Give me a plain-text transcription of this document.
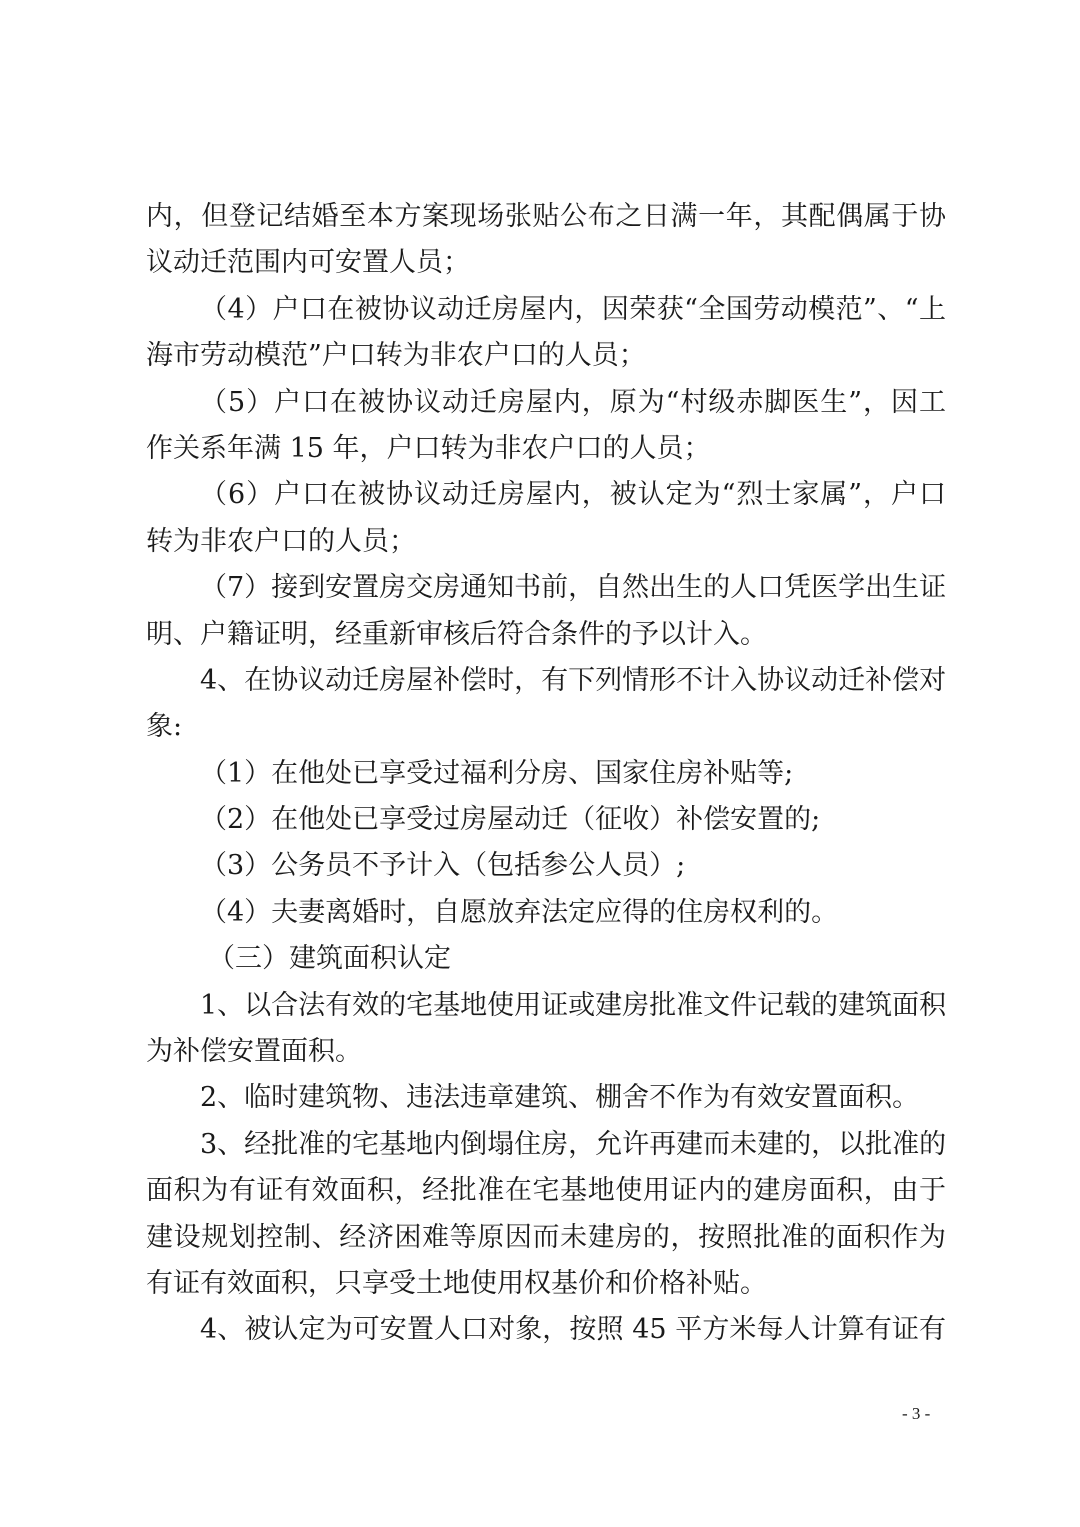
内，但登记结婚至本方案现场张贴公布之日满一年，其配偶属于协
议动迁范围内可安置人员；
（4）户口在被协议动迁房屋内，因荣获“全国劳动模范”、“上
海市劳动模范”户口转为非农户口的人员；
（5）户口在被协议动迁房屋内，原为“村级赤脚医生”，因工
作关系年满 15 年，户口转为非农户口的人员；
（6）户口在被协议动迁房屋内，被认定为“烈士家属”，户口
转为非农户口的人员；
（7）接到安置房交房通知书前，自然出生的人口凭医学出生证
明、户籍证明，经重新审核后符合条件的予以计入。
4、在协议动迁房屋补偿时，有下列情形不计入协议动迁补偿对
象:
（1）在他处已享受过福利分房、国家住房补贴等;
（2）在他处已享受过房屋动迁（征收）补偿安置的;
（3）公务员不予计入（包括参公人员）;
（4）夫妻离婚时，自愿放弃法定应得的住房权利的。
（三）建筑面积认定
1、以合法有效的宅基地使用证或建房批准文件记载的建筑面积
为补偿安置面积。
2、临时建筑物、违法违章建筑、棚舍不作为有效安置面积。
3、经批准的宅基地内倒塌住房，允许再建而未建的，以批准的
面积为有证有效面积，经批准在宅基地使用证内的建房面积，由于
建设规划控制、经济困难等原因而未建房的，按照批准的面积作为
有证有效面积，只享受土地使用权基价和价格补贴。
4、被认定为可安置人口对象，按照 45 平方米每人计算有证有
- 3 -
